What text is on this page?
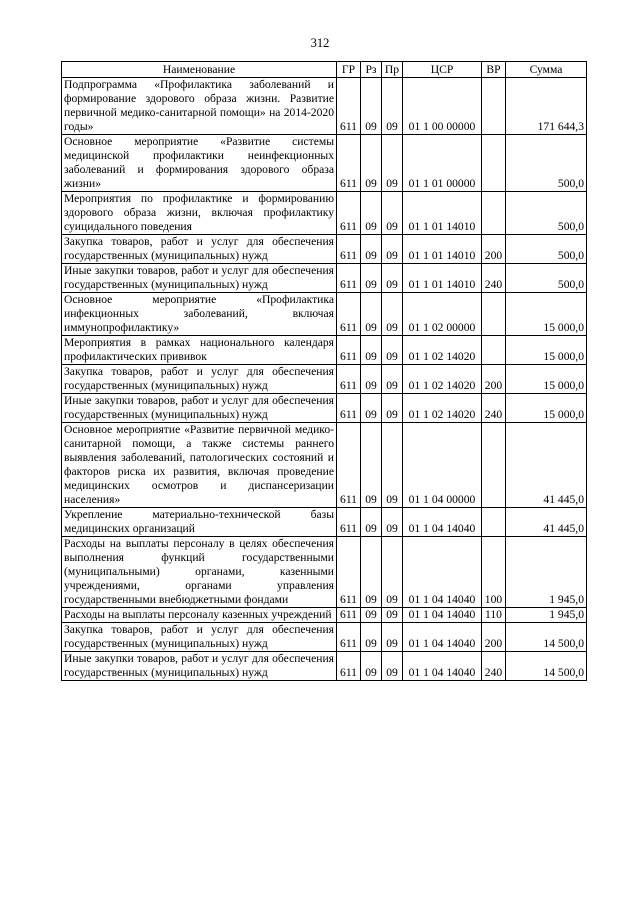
312
Наименование	ГР	Рз	Пр	ЦСР	ВР	Сумма
Подпрограмма «Профилактика заболеваний и формирование здорового образа жизни. Развитие первичной медико-санитарной помощи» на 2014-2020 годы»	611	09	09	01 1 00 00000		171 644,3
Основное мероприятие «Развитие системы медицинской профилактики неинфекционных заболеваний и формирования здорового образа жизни»	611	09	09	01 1 01 00000		500,0
Мероприятия по профилактике и формированию здорового образа жизни, включая профилактику суицидального поведения	611	09	09	01 1 01 14010		500,0
Закупка товаров, работ и услуг для обеспечения государственных (муниципальных) нужд	611	09	09	01 1 01 14010	200	500,0
Иные закупки товаров, работ и услуг для обеспечения государственных (муниципальных) нужд	611	09	09	01 1 01 14010	240	500,0
Основное мероприятие «Профилактика инфекционных заболеваний, включая иммунопрофилактику»	611	09	09	01 1 02 00000		15 000,0
Мероприятия в рамках национального календаря профилактических прививок	611	09	09	01 1 02 14020		15 000,0
Закупка товаров, работ и услуг для обеспечения государственных (муниципальных) нужд	611	09	09	01 1 02 14020	200	15 000,0
Иные закупки товаров, работ и услуг для обеспечения государственных (муниципальных) нужд	611	09	09	01 1 02 14020	240	15 000,0
Основное мероприятие «Развитие первичной медико-санитарной помощи, а также системы раннего выявления заболеваний, патологических состояний и факторов риска их развития, включая проведение медицинских осмотров и диспансеризации населения»	611	09	09	01 1 04 00000		41 445,0
Укрепление материально-технической базы медицинских организаций	611	09	09	01 1 04 14040		41 445,0
Расходы на выплаты персоналу в целях обеспечения выполнения функций государственными (муниципальными) органами, казенными учреждениями, органами управления государственными внебюджетными фондами	611	09	09	01 1 04 14040	100	1 945,0
Расходы на выплаты персоналу казенных учреждений	611	09	09	01 1 04 14040	110	1 945,0
Закупка товаров, работ и услуг для обеспечения государственных (муниципальных) нужд	611	09	09	01 1 04 14040	200	14 500,0
Иные закупки товаров, работ и услуг для обеспечения государственных (муниципальных) нужд	611	09	09	01 1 04 14040	240	14 500,0
